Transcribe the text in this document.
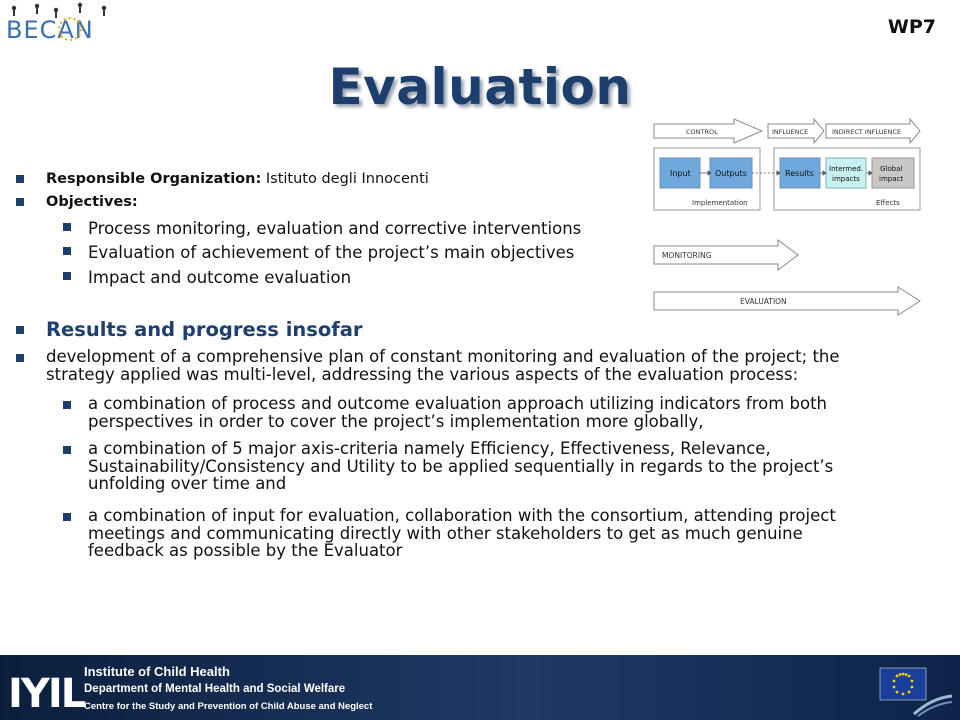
BECAN	WP7
Evaluation
Responsible Organization: Istituto degli Innocenti
Objectives:
Process monitoring, evaluation and corrective interventions
Evaluation of achievement of the project’s main objectives
Impact and outcome evaluation
CONTROL	INFLUENCE	INDIRECT INFLUENCE
Input	Outputs	Results Intermed.
impacts
Global
impact
Implementation	Effects
MONITORING
EVALUATION
Results and progress insofar
development of a comprehensive plan of constant monitoring and evaluation of the project; the
strategy applied was multi-level, addressing the various aspects of the evaluation process:
a combination of process and outcome evaluation approach utilizing indicators from both
perspectives in order to cover the project’s implementation more globally,
a combination of 5 major axis-criteria namely Efficiency, Effectiveness, Relevance,
Sustainability/Consistency and Utility to be applied sequentially in regards to the project’s
unfolding over time and
a combination of input for evaluation, collaboration with the consortium, attending project
meetings and communicating directly with other stakeholders to get as much genuine
feedback as possible by the Evaluator
IYIL Institute of Child Health
Department of Mental Health and Social Welfare
Centre for the Study and Prevention of Child Abuse and Neglect
